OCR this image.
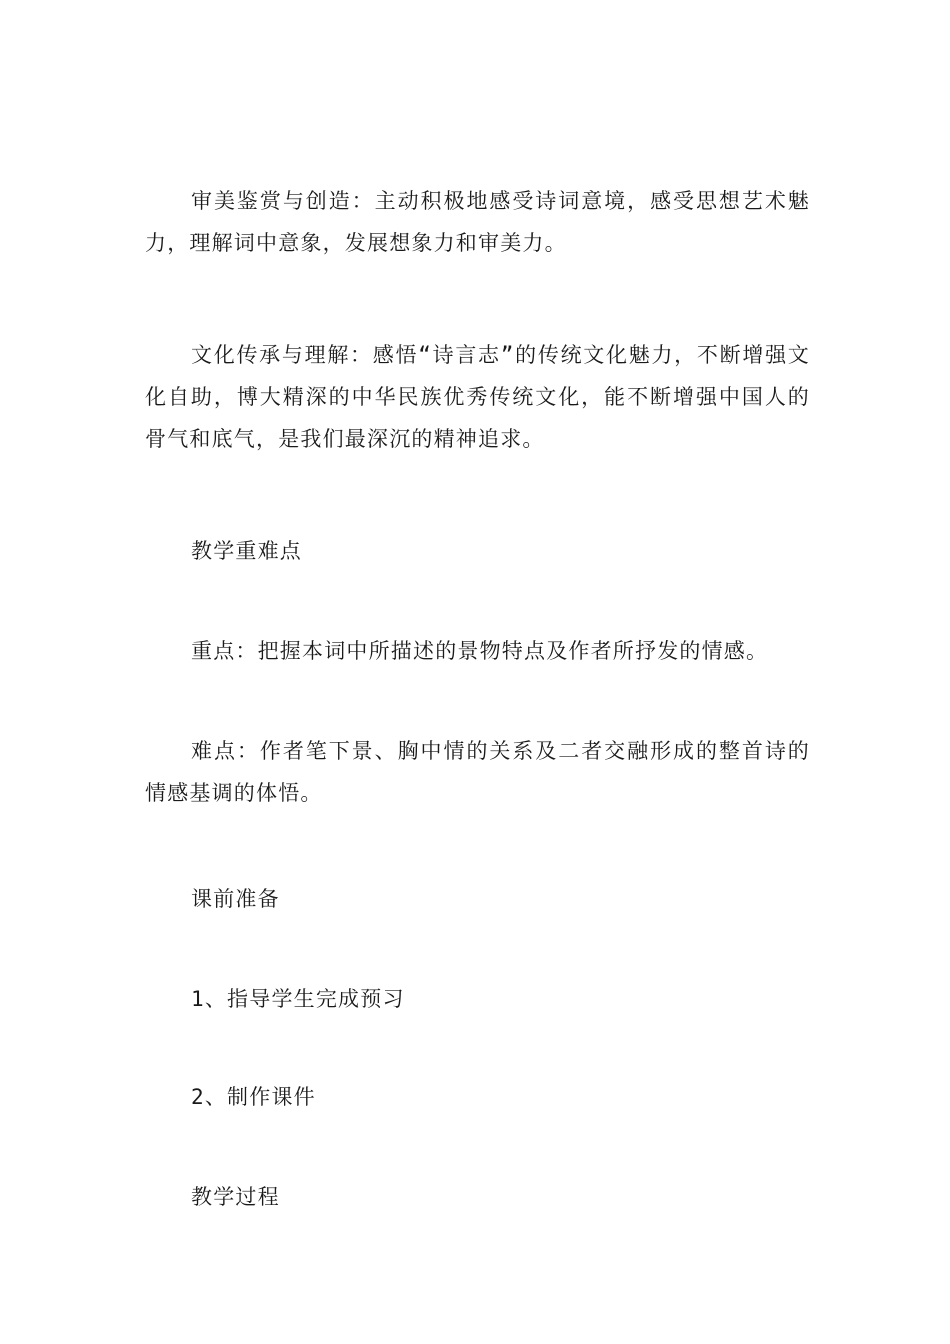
审美鉴赏与创造：主动积极地感受诗词意境，感受思想艺术魅力，理解词中意象，发展想象力和审美力。

文化传承与理解：感悟“诗言志”的传统文化魅力，不断增强文化自助，博大精深的中华民族优秀传统文化，能不断增强中国人的骨气和底气，是我们最深沉的精神追求。

教学重难点

重点：把握本词中所描述的景物特点及作者所抒发的情感。

难点：作者笔下景、胸中情的关系及二者交融形成的整首诗的情感基调的体悟。

课前准备

1、指导学生完成预习

2、制作课件

教学过程
